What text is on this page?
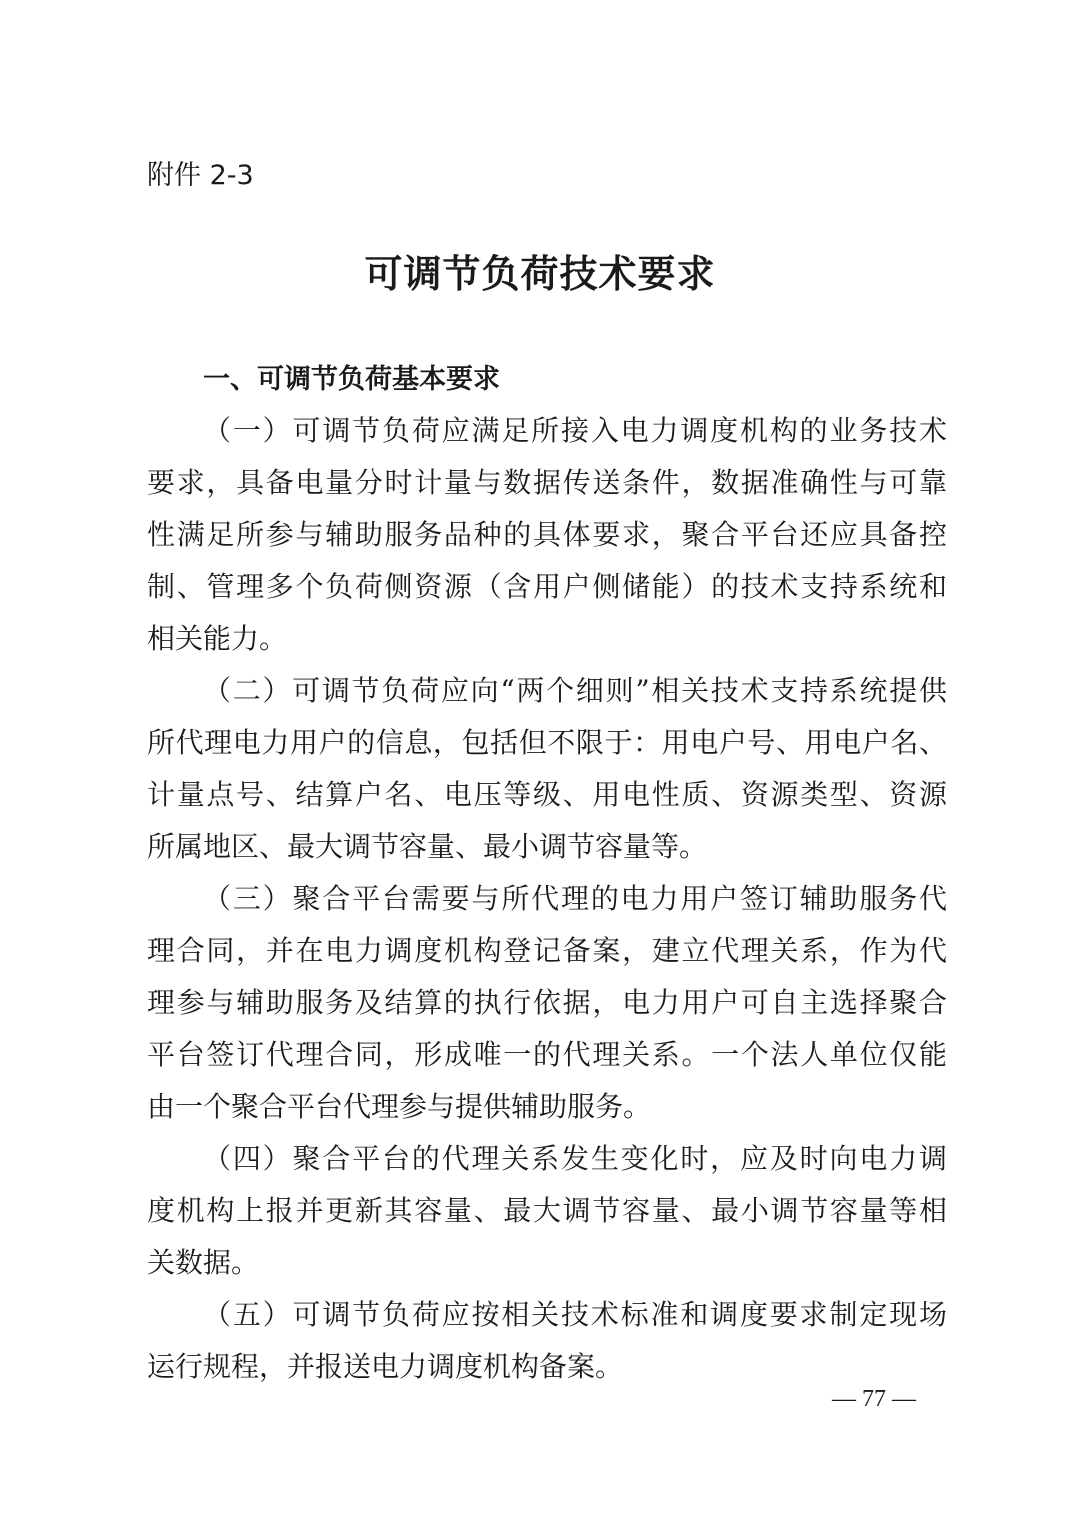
附件 2-3
可调节负荷技术要求
一、可调节负荷基本要求
（一）可调节负荷应满足所接入电力调度机构的业务技术
要求，具备电量分时计量与数据传送条件，数据准确性与可靠
性满足所参与辅助服务品种的具体要求，聚合平台还应具备控
制、管理多个负荷侧资源（含用户侧储能）的技术支持系统和
相关能力。
（二）可调节负荷应向“两个细则”相关技术支持系统提供
所代理电力用户的信息，包括但不限于：用电户号、用电户名、
计量点号、结算户名、电压等级、用电性质、资源类型、资源
所属地区、最大调节容量、最小调节容量等。
（三）聚合平台需要与所代理的电力用户签订辅助服务代
理合同，并在电力调度机构登记备案，建立代理关系，作为代
理参与辅助服务及结算的执行依据，电力用户可自主选择聚合
平台签订代理合同，形成唯一的代理关系。一个法人单位仅能
由一个聚合平台代理参与提供辅助服务。
（四）聚合平台的代理关系发生变化时，应及时向电力调
度机构上报并更新其容量、最大调节容量、最小调节容量等相
关数据。
（五）可调节负荷应按相关技术标准和调度要求制定现场
运行规程，并报送电力调度机构备案。
— 77 —
